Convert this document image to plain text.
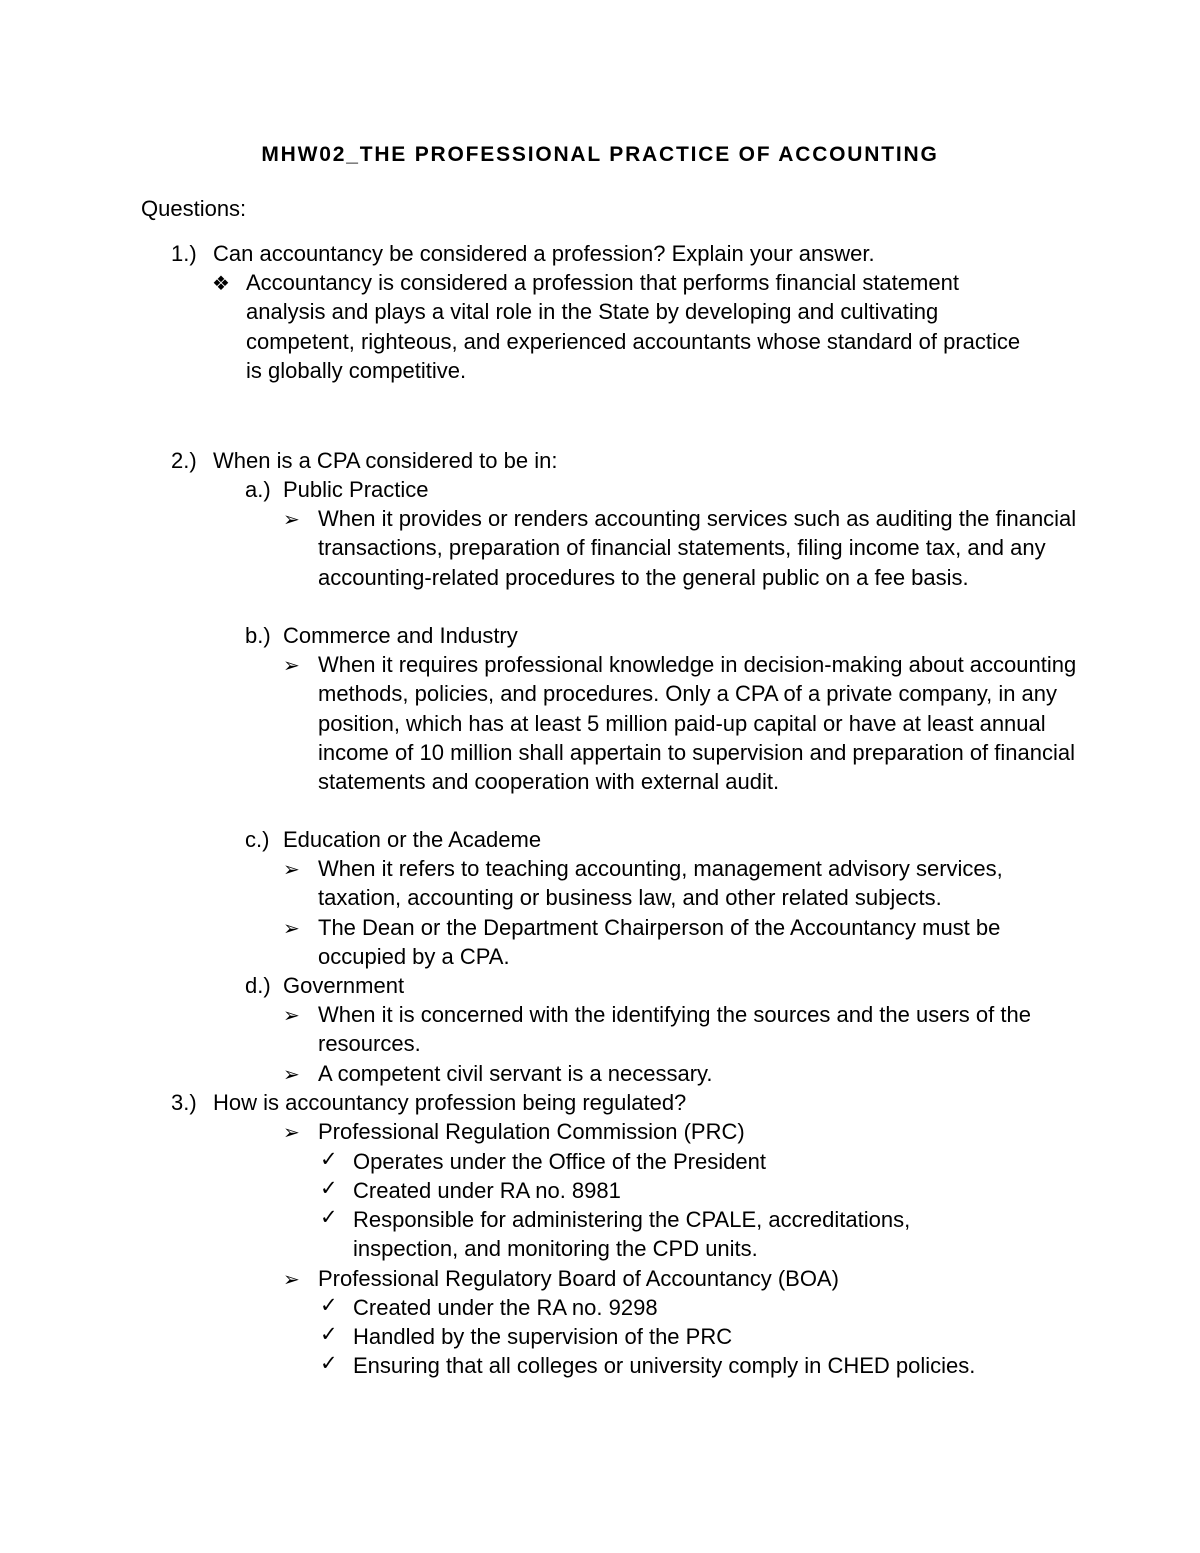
MHW02_THE PROFESSIONAL PRACTICE OF ACCOUNTING
Questions:
1.) Can accountancy be considered a profession? Explain your answer.
❖ Accountancy is considered a profession that performs financial statement analysis and plays a vital role in the State by developing and cultivating competent, righteous, and experienced accountants whose standard of practice is globally competitive.
2.) When is a CPA considered to be in:
a.) Public Practice
➢ When it provides or renders accounting services such as auditing the financial transactions, preparation of financial statements, filing income tax, and any accounting-related procedures to the general public on a fee basis.
b.) Commerce and Industry
➢ When it requires professional knowledge in decision-making about accounting methods, policies, and procedures. Only a CPA of a private company, in any position, which has at least 5 million paid-up capital or have at least annual income of 10 million shall appertain to supervision and preparation of financial statements and cooperation with external audit.
c.) Education or the Academe
➢ When it refers to teaching accounting, management advisory services, taxation, accounting or business law, and other related subjects.
➢ The Dean or the Department Chairperson of the Accountancy must be occupied by a CPA.
d.) Government
➢ When it is concerned with the identifying the sources and the users of the resources.
➢ A competent civil servant is a necessary.
3.) How is accountancy profession being regulated?
➢ Professional Regulation Commission (PRC)
✓ Operates under the Office of the President
✓ Created under RA no. 8981
✓ Responsible for administering the CPALE, accreditations, inspection, and monitoring the CPD units.
➢ Professional Regulatory Board of Accountancy (BOA)
✓ Created under the RA no. 9298
✓ Handled by the supervision of the PRC
✓ Ensuring that all colleges or university comply in CHED policies.
